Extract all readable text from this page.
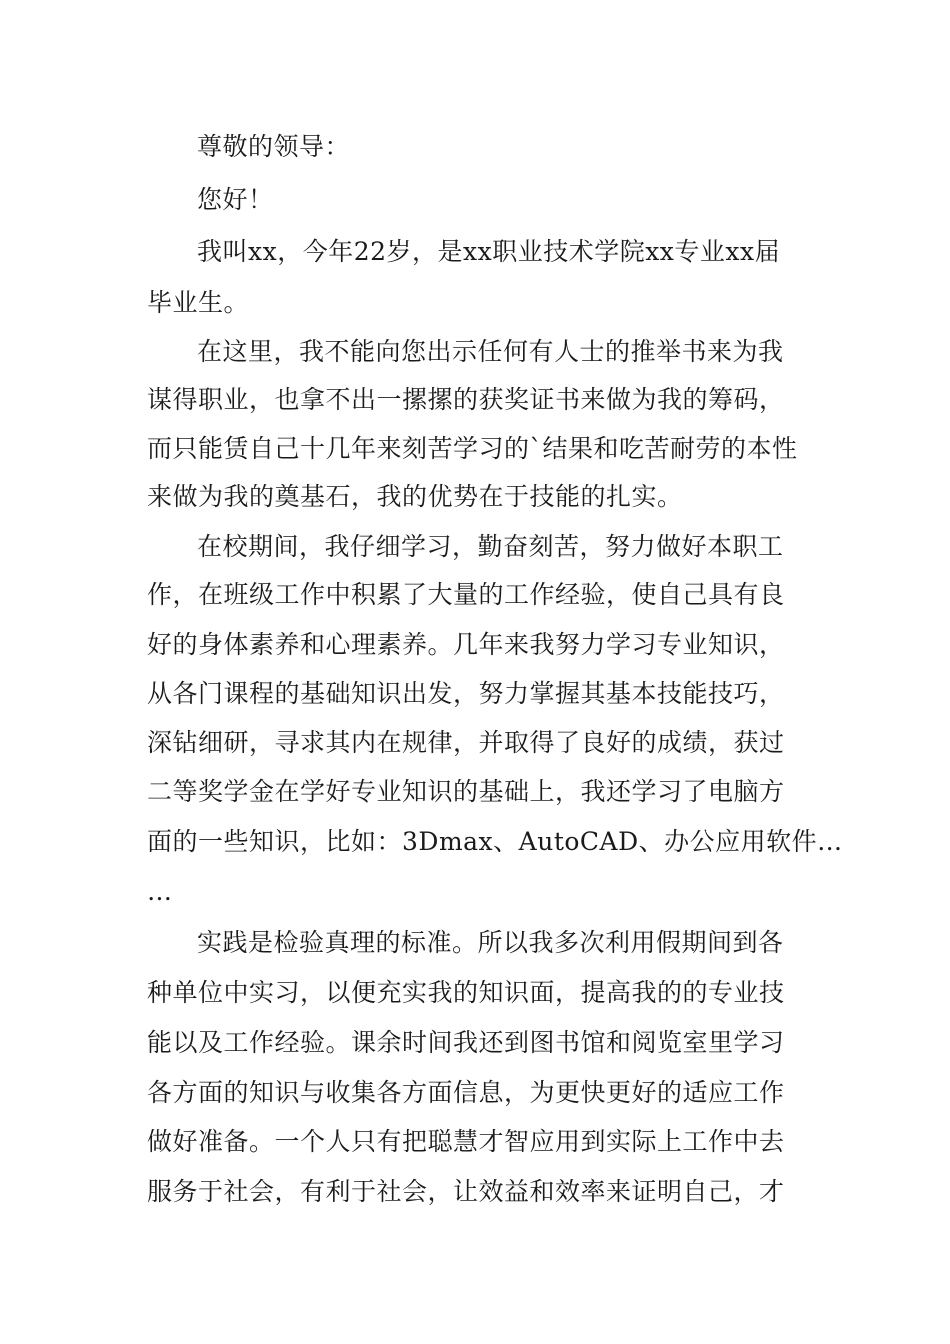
尊敬的领导：
您好！
我叫xx，今年22岁，是xx职业技术学院xx专业xx届
毕业生。
在这里，我不能向您出示任何有人士的推举书来为我
谋得职业，也拿不出一摞摞的获奖证书来做为我的筹码，
而只能赁自己十几年来刻苦学习的`结果和吃苦耐劳的本性
来做为我的奠基石，我的优势在于技能的扎实。
在校期间，我仔细学习，勤奋刻苦，努力做好本职工
作，在班级工作中积累了大量的工作经验，使自己具有良
好的身体素养和心理素养。几年来我努力学习专业知识，
从各门课程的基础知识出发，努力掌握其基本技能技巧，
深钻细研，寻求其内在规律，并取得了良好的成绩，获过
二等奖学金在学好专业知识的基础上，我还学习了电脑方
面的一些知识，比如：3Dmax、AutoCAD、办公应用软件…
…
实践是检验真理的标准。所以我多次利用假期间到各
种单位中实习，以便充实我的知识面，提高我的的专业技
能以及工作经验。课余时间我还到图书馆和阅览室里学习
各方面的知识与收集各方面信息，为更快更好的适应工作
做好准备。一个人只有把聪慧才智应用到实际上工作中去
服务于社会，有利于社会，让效益和效率来证明自己，才
